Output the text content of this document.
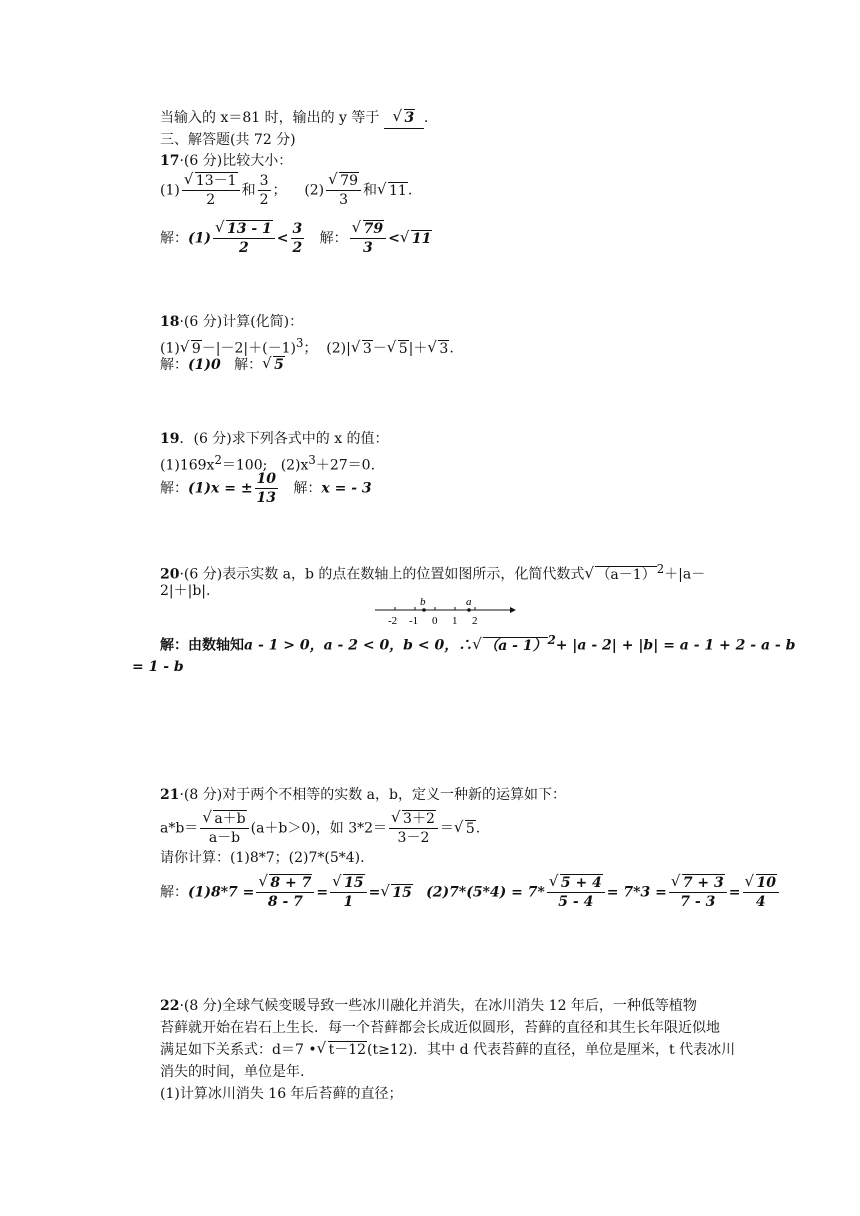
当输入的 x＝81 时，输出的 y 等于 √ 3 .
三、解答题(共 72 分)
17·(6 分)比较大小：
(1) √ $\frac{13-1}{2}$ 和 $\frac{3}{2}$ ； (2) √ $\frac{79}{3}$ 和 √ 11.
解：(1) √ $\frac{13 - 1}{2} < \frac{3}{2}$ 解： √ $\frac{79}{3}$ < √ 11
18·(6 分)计算(化简)：
(1) √ $9-|-2|+(-1)^3$； (2)| √ 3－ √ 5|＋ √ 3.
解：(1)0 解： √ 5
19．(6 分)求下列各式中的 x 的值：
$(1)169x^2=100$; $(2)x^3+27=0$.
解：(1)x = ± $\frac{10}{13}$ 解：x = - 3
20·(6 分)表示实数 a，b 的点在数轴上的位置如图所示，化简代数式 √ $(a-1)^2+|a-$
2|＋|b|.
b	a
-2 -1 0 1 2
解：由数轴知a - 1 > 0，a - 2 < 0，b < 0，∴ √ （a - 1）$^2$+ |a - 2| + |b| = a - 1 + 2 - a - b
= 1 - b
21·(8 分)对于两个不相等的实数 a，b，定义一种新的运算如下：
a*b＝ √ $\frac{a+b}{a-b} (a+b>0)$，如 3*2＝ √ $\frac{3+2}{3-2}$ ＝ √ 5.
请你计算：(1)8*7；(2)7*(5*4).
解：(1)8*7 = √ $\frac{8 + 7}{8 - 7}$ = √ $\frac{15}{1}$ = √ 15 (2)7*(5*4) = 7* √ $\frac{5 + 4}{5 - 4} = 7*3$ = √ $\frac{7 + 3}{7 - 3}$ = √ $\frac{10}{4}$
22·(8 分)全球气候变暖导致一些冰川融化并消失，在冰川消失 12 年后，一种低等植物
苔藓就开始在岩石上生长．每一个苔藓都会长成近似圆形，苔藓的直径和其生长年限近似地
满足如下关系式：d＝7 • √ t－12(t≥12)．其中 d 代表苔藓的直径，单位是厘米，t 代表冰川
消失的时间，单位是年.
(1)计算冰川消失 16 年后苔藓的直径；
